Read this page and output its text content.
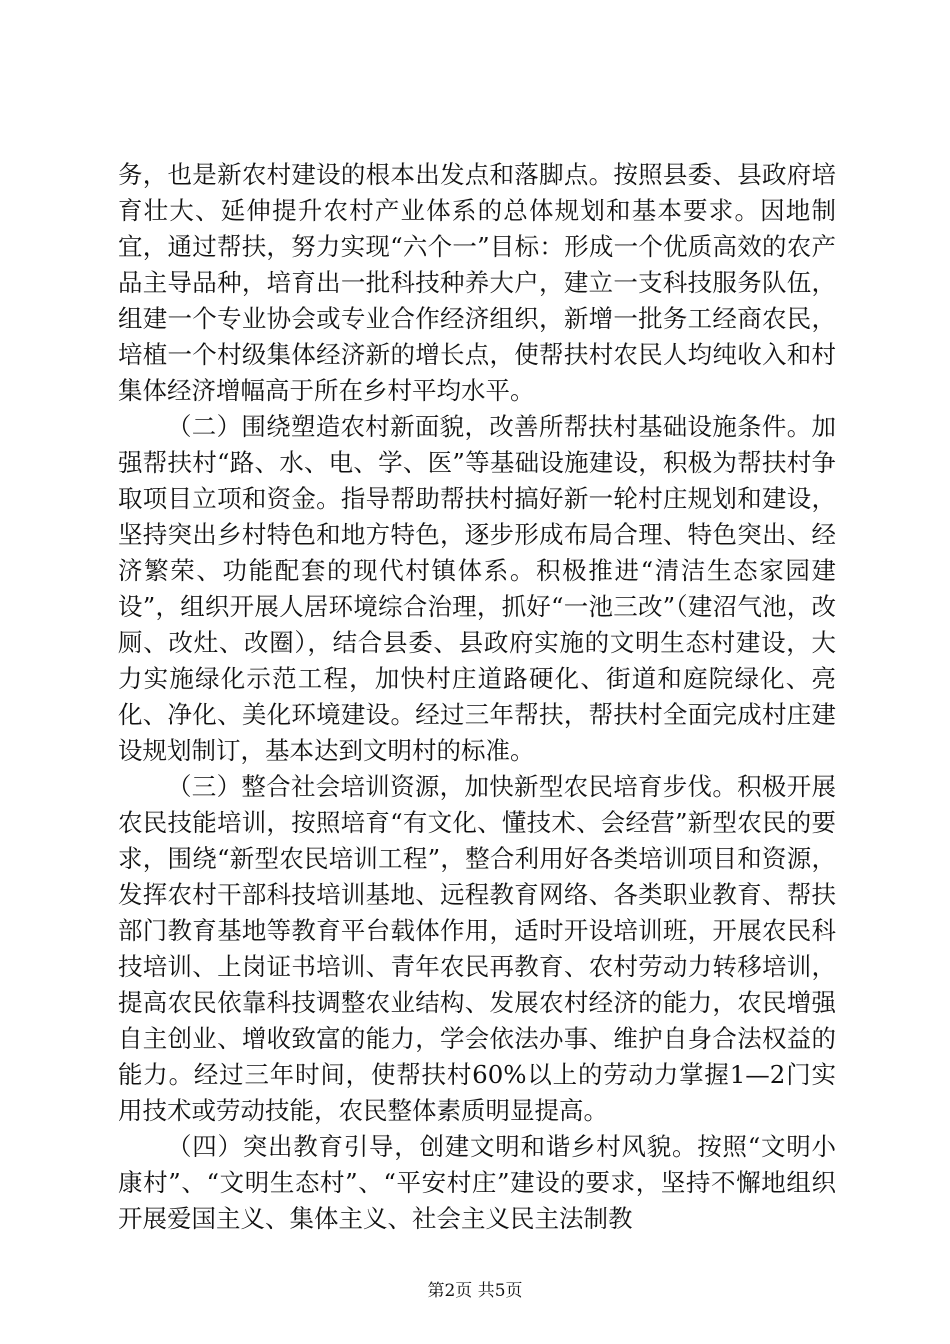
务，也是新农村建设的根本出发点和落脚点。按照县委、县政府培育壮大、延伸提升农村产业体系的总体规划和基本要求。因地制宜，通过帮扶，努力实现“六个一”目标：形成一个优质高效的农产品主导品种，培育出一批科技种养大户，建立一支科技服务队伍，组建一个专业协会或专业合作经济组织，新增一批务工经商农民，培植一个村级集体经济新的增长点，使帮扶村农民人均纯收入和村集体经济增幅高于所在乡村平均水平。

（二）围绕塑造农村新面貌，改善所帮扶村基础设施条件。加强帮扶村“路、水、电、学、医”等基础设施建设，积极为帮扶村争取项目立项和资金。指导帮助帮扶村搞好新一轮村庄规划和建设，坚持突出乡村特色和地方特色，逐步形成布局合理、特色突出、经济繁荣、功能配套的现代村镇体系。积极推进“清洁生态家园建设”，组织开展人居环境综合治理，抓好“一池三改”（建沼气池，改厕、改灶、改圈），结合县委、县政府实施的文明生态村建设，大力实施绿化示范工程，加快村庄道路硬化、街道和庭院绿化、亮化、净化、美化环境建设。经过三年帮扶，帮扶村全面完成村庄建设规划制订，基本达到文明村的标准。

（三）整合社会培训资源，加快新型农民培育步伐。积极开展农民技能培训，按照培育“有文化、懂技术、会经营”新型农民的要求，围绕“新型农民培训工程”，整合利用好各类培训项目和资源，发挥农村干部科技培训基地、远程教育网络、各类职业教育、帮扶部门教育基地等教育平台载体作用，适时开设培训班，开展农民科技培训、上岗证书培训、青年农民再教育、农村劳动力转移培训，提高农民依靠科技调整农业结构、发展农村经济的能力，农民增强自主创业、增收致富的能力，学会依法办事、维护自身合法权益的能力。经过三年时间，使帮扶村60%以上的劳动力掌握1—2门实用技术或劳动技能，农民整体素质明显提高。

（四）突出教育引导，创建文明和谐乡村风貌。按照“文明小康村”、“文明生态村”、“平安村庄”建设的要求，坚持不懈地组织开展爱国主义、集体主义、社会主义民主法制教

第2页 共5页
